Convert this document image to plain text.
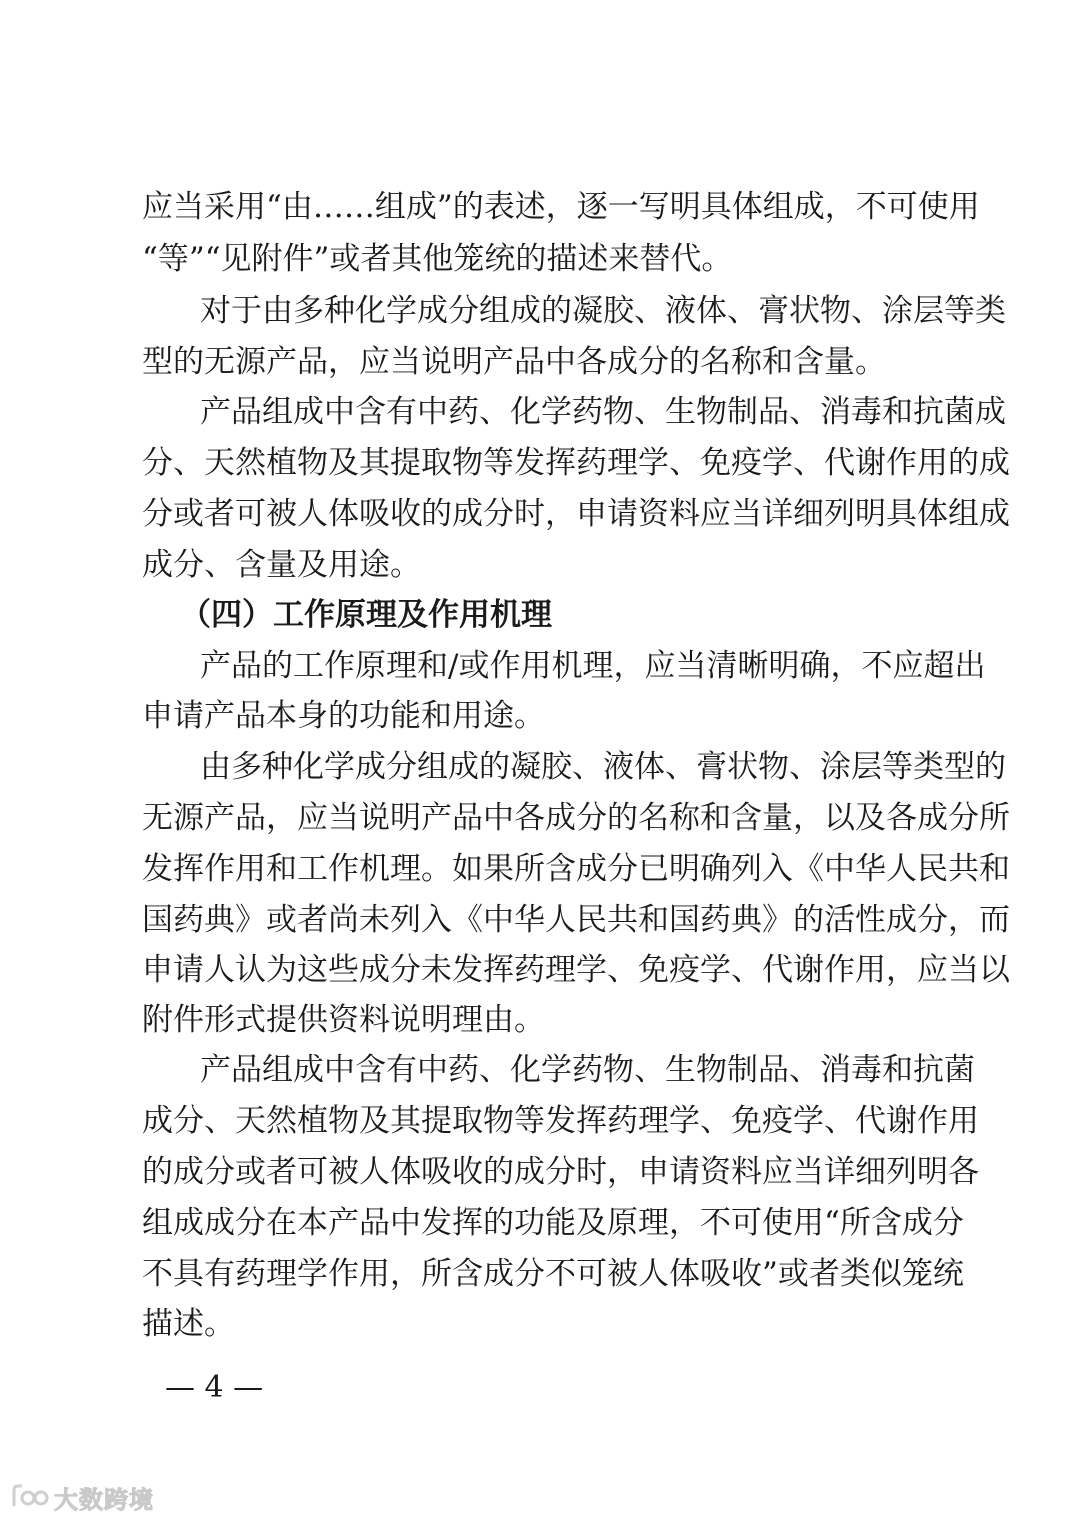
应当采用“由……组成”的表述，逐一写明具体组成，不可使用
“等”“见附件”或者其他笼统的描述来替代。
对于由多种化学成分组成的凝胶、液体、膏状物、涂层等类
型的无源产品，应当说明产品中各成分的名称和含量。
产品组成中含有中药、化学药物、生物制品、消毒和抗菌成
分、天然植物及其提取物等发挥药理学、免疫学、代谢作用的成
分或者可被人体吸收的成分时，申请资料应当详细列明具体组成
成分、含量及用途。
（四）工作原理及作用机理
产品的工作原理和/或作用机理，应当清晰明确，不应超出
申请产品本身的功能和用途。
由多种化学成分组成的凝胶、液体、膏状物、涂层等类型的
无源产品，应当说明产品中各成分的名称和含量，以及各成分所
发挥作用和工作机理。如果所含成分已明确列入《中华人民共和
国药典》或者尚未列入《中华人民共和国药典》的活性成分，而
申请人认为这些成分未发挥药理学、免疫学、代谢作用，应当以
附件形式提供资料说明理由。
产品组成中含有中药、化学药物、生物制品、消毒和抗菌
成分、天然植物及其提取物等发挥药理学、免疫学、代谢作用
的成分或者可被人体吸收的成分时，申请资料应当详细列明各
组成成分在本产品中发挥的功能及原理，不可使用“所含成分
不具有药理学作用，所含成分不可被人体吸收”或者类似笼统
描述。
— 4 —
大数跨境
